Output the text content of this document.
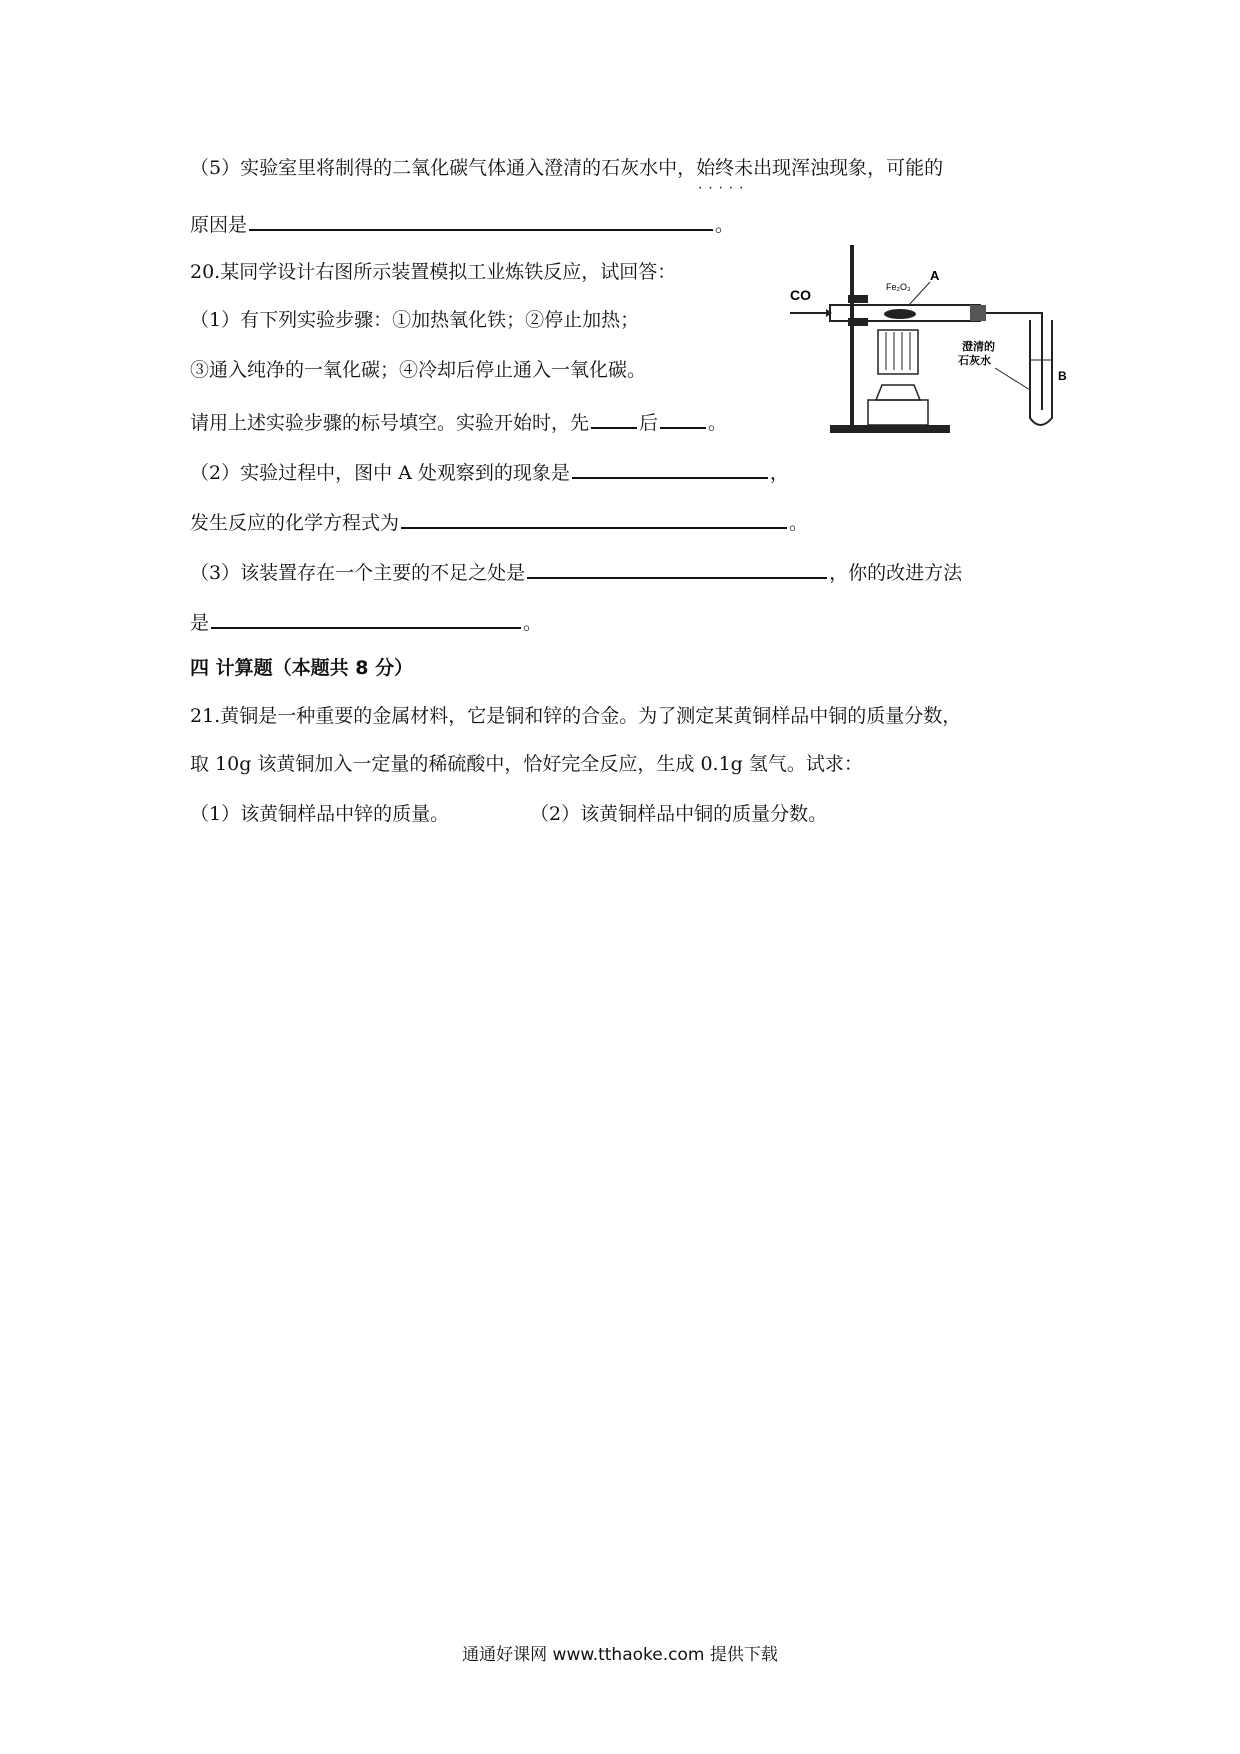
（5）实验室里将制得的二氧化碳气体通入澄清的石灰水中，始终未出现 · · ·浑浊现象，可能的
原因是	。
20.某同学设计右图所示装置模拟工业炼铁反应，试回答：
（1）有下列实验步骤：①加热氧化铁；②停止加热；
③通入纯净的一氧化碳；④冷却后停止通入一氧化碳。
请用上述实验步骤的标号填空。实验开始时，先	后	。
（2）实验过程中，图中 A 处观察到的现象是	，
发生反应的化学方程式为	。
（3）该装置存在一个主要的不足之处是	，你的改进方法
是	。
CO	Fe₂O₃
A
澄清的
石灰水
B
四 计算题（本题共 8 分）
21.黄铜是一种重要的金属材料，它是铜和锌的合金。为了测定某黄铜样品中铜的质量分数，
取 10g 该黄铜加入一定量的稀硫酸中，恰好完全反应，生成 0.1g 氢气。试求：
（1）该黄铜样品中锌的质量。	（2）该黄铜样品中铜的质量分数。
通通好课网 www.tthaoke.com 提供下载
